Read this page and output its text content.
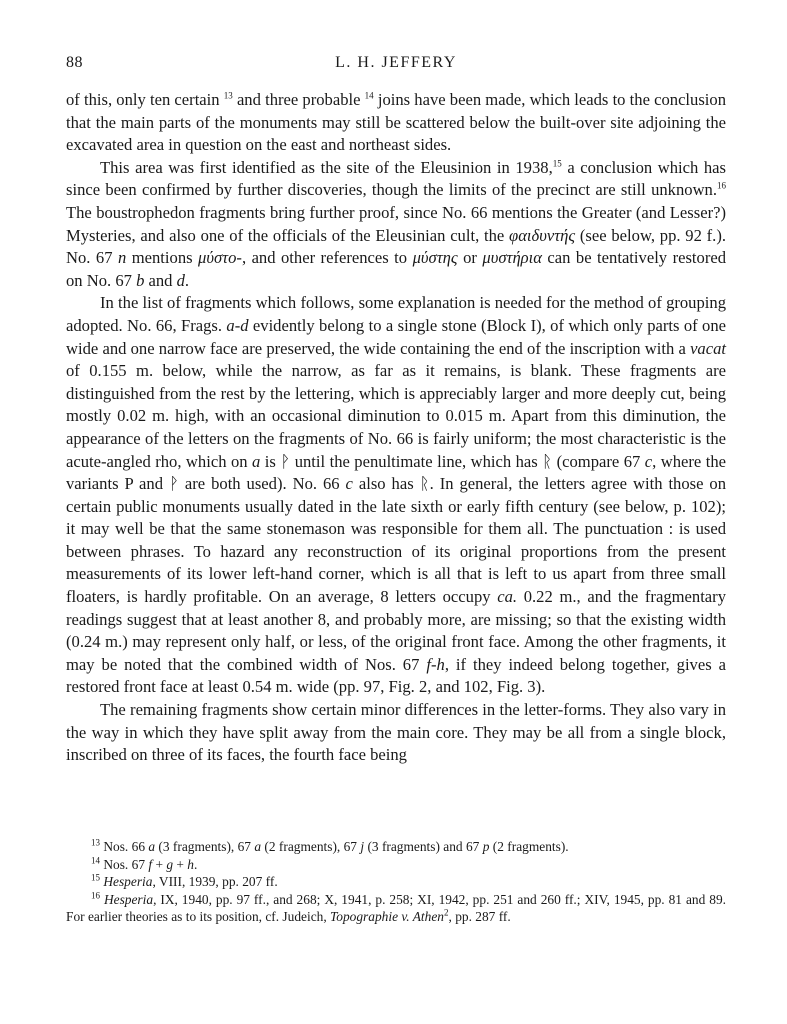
88	L. H. JEFFERY

of this, only ten certain $^{13}$ and three probable $^{14}$ joins have been made, which leads to the conclusion that the main parts of the monuments may still be scattered below the built-over site adjoining the excavated area in question on the east and northeast sides.

This area was first identified as the site of the Eleusinion in 1938,15 a conclusion which has since been confirmed by further discoveries, though the limits of the precinct are still unknown.$^{16}$ The boustrophedon fragments bring further proof, since No. 66 mentions the Greater (and Lesser?) Mysteries, and also one of the officials of the Eleusinian cult, the φαιδυντής (see below, pp. 92 f.). No. 67 n mentions μύστο-, and other references to μύστης or μυστήρια can be tentatively restored on No. 67 b and d.

In the list of fragments which follows, some explanation is needed for the method of grouping adopted. No. 66, Frags. a-d evidently belong to a single stone (Block I), of which only parts of one wide and one narrow face are preserved, the wide containing the end of the inscription with a vacat of 0.155 m. below, while the narrow, as far as it remains, is blank. These fragments are distinguished from the rest by the lettering, which is appreciably larger and more deeply cut, being mostly 0.02 m. high, with an occasional diminution to 0.015 m. Apart from this diminution, the appearance of the letters on the fragments of No. 66 is fairly uniform; the most characteristic is the acute-angled rho, which on a is ᚹ until the penultimate line, which has ᚱ (compare 67 c, where the variants P and ᚹ are both used). No. 66 c also has ᚱ. In general, the letters agree with those on certain public monuments usually dated in the late sixth or early fifth century (see below, p. 102); it may well be that the same stonemason was responsible for them all. The punctuation : is used between phrases. To hazard any reconstruction of its original proportions from the present measurements of its lower left-hand corner, which is all that is left to us apart from three small floaters, is hardly profitable. On an average, 8 letters occupy ca. 0.22 m., and the fragmentary readings suggest that at least another 8, and probably more, are missing; so that the existing width (0.24 m.) may represent only half, or less, of the original front face. Among the other fragments, it may be noted that the combined width of Nos. 67 f-h, if they indeed belong together, gives a restored front face at least 0.54 m. wide (pp. 97, Fig. 2, and 102, Fig. 3).

The remaining fragments show certain minor differences in the letter-forms. They also vary in the way in which they have split away from the main core. They may be all from a single block, inscribed on three of its faces, the fourth face being

$^{13}$ Nos. 66 a (3 fragments), 67 a (2 fragments), 67 j (3 fragments) and 67 p (2 fragments).

$^{14}$ Nos. 67 f + g + h.

$^{15}$ Hesperia, VIII, 1939, pp. 207 ff.

$^{16}$ Hesperia, IX, 1940, pp. 97 ff., and 268; X, 1941, p. 258; XI, 1942, pp. 251 and 260 ff.; XIV, 1945, pp. 81 and 89. For earlier theories as to its position, cf. Judeich, Topographie v. Athen$^2$, pp. 287 ff.
